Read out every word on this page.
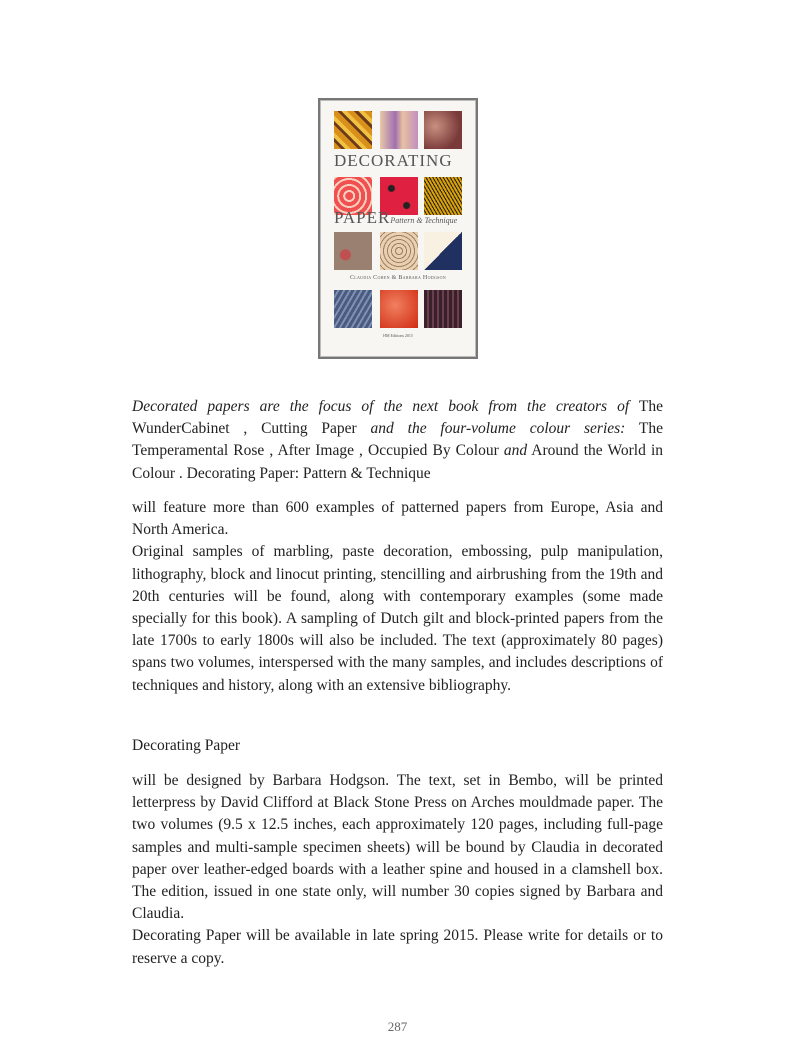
DECORATING
PAPERPattern & Technique
Claudia Cohen & Barbara Hodgson
HM Editions 2015

Decorated papers are the focus of the next book from the creators of The WunderCabinet , Cutting Paper and the four-volume colour series: The Temperamental Rose , After Image , Occupied By Colour and Around the World in Colour . Decorating Paper: Pattern & Technique

will feature more than 600 examples of patterned papers from Europe, Asia and North America.

Original samples of marbling, paste decoration, embossing, pulp manipulation, lithography, block and linocut printing, stencilling and airbrushing from the 19th and 20th centuries will be found, along with contemporary examples (some made specially for this book). A sampling of Dutch gilt and block-printed papers from the late 1700s to early 1800s will also be included. The text (approximately 80 pages) spans two volumes, interspersed with the many samples, and includes descriptions of techniques and history, along with an extensive bibliography.

Decorating Paper

will be designed by Barbara Hodgson. The text, set in Bembo, will be printed letterpress by David Clifford at Black Stone Press on Arches mouldmade paper. The two volumes (9.5 x 12.5 inches, each approximately 120 pages, including full-page samples and multi-sample specimen sheets) will be bound by Claudia in decorated paper over leather-edged boards with a leather spine and housed in a clamshell box. The edition, issued in one state only, will number 30 copies signed by Barbara and Claudia.

Decorating Paper will be available in late spring 2015. Please write for details or to reserve a copy.

287
